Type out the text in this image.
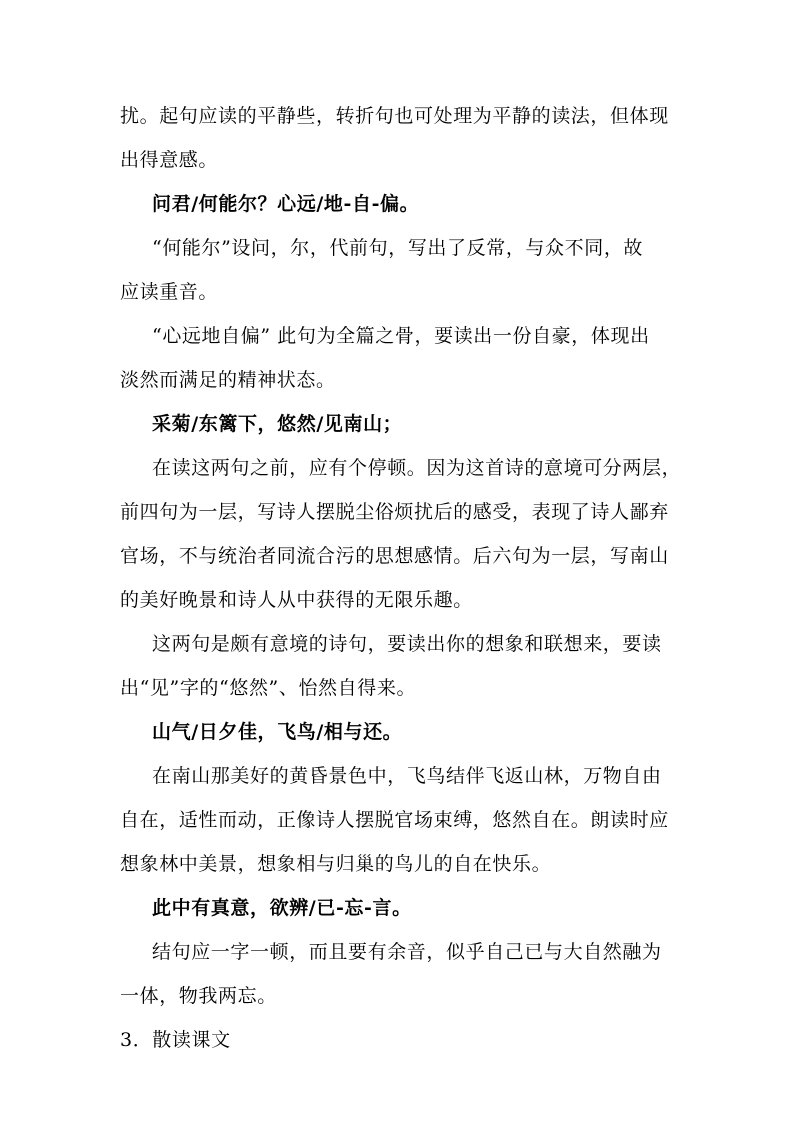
扰。起句应读的平静些，转折句也可处理为平静的读法，但体现
出得意感。
问君/何能尔？心远/地-自-偏。
“何能尔”设问，尔，代前句，写出了反常，与众不同，故
应读重音。
“心远地自偏” 此句为全篇之骨，要读出一份自豪，体现出
淡然而满足的精神状态。
采菊/东篱下，悠然/见南山；
在读这两句之前，应有个停顿。因为这首诗的意境可分两层，
前四句为一层，写诗人摆脱尘俗烦扰后的感受，表现了诗人鄙弃
官场，不与统治者同流合污的思想感情。后六句为一层，写南山
的美好晚景和诗人从中获得的无限乐趣。
这两句是颇有意境的诗句，要读出你的想象和联想来，要读
出“见”字的“悠然”、怡然自得来。
山气/日夕佳，飞鸟/相与还。
在南山那美好的黄昏景色中，飞鸟结伴飞返山林，万物自由
自在，适性而动，正像诗人摆脱官场束缚，悠然自在。朗读时应
想象林中美景，想象相与归巢的鸟儿的自在快乐。
此中有真意，欲辨/已-忘-言。
结句应一字一顿，而且要有余音，似乎自己已与大自然融为
一体，物我两忘。
3．散读课文
